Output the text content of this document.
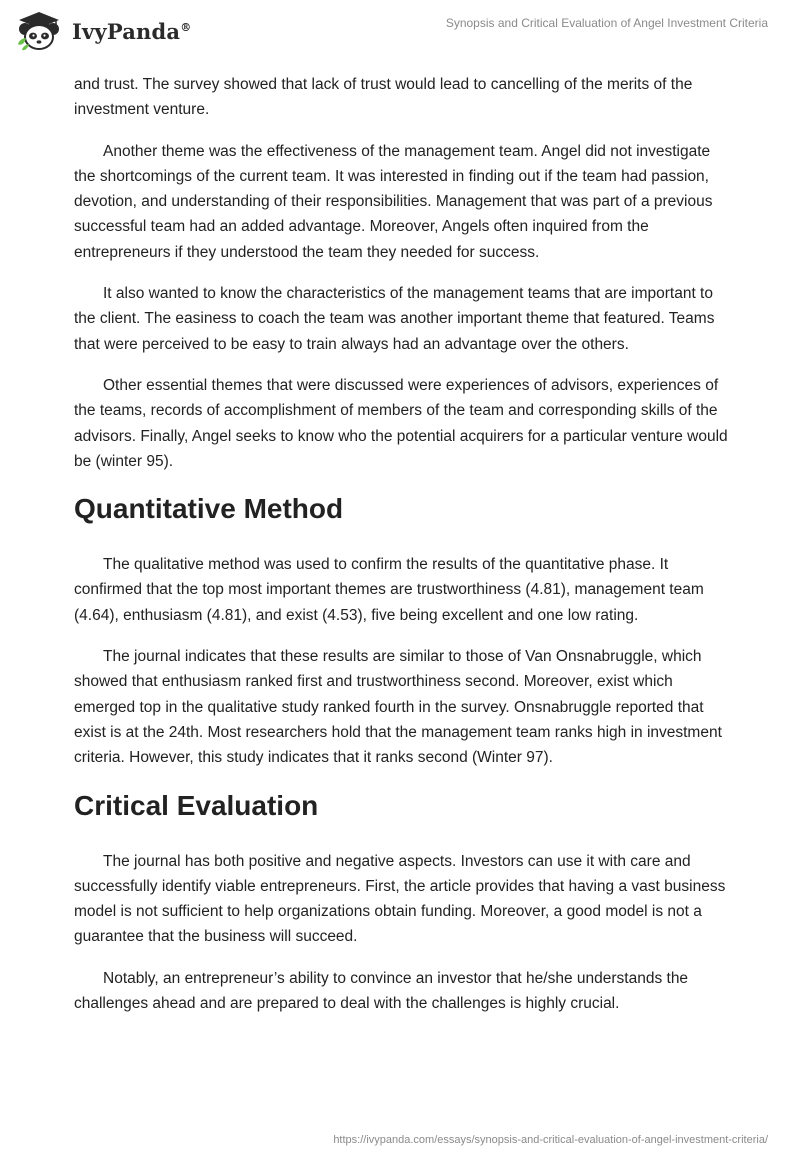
IvyPanda®	Synopsis and Critical Evaluation of Angel Investment Criteria

and trust. The survey showed that lack of trust would lead to cancelling of the merits of the investment venture.

Another theme was the effectiveness of the management team. Angel did not investigate the shortcomings of the current team. It was interested in finding out if the team had passion, devotion, and understanding of their responsibilities. Management that was part of a previous successful team had an added advantage. Moreover, Angels often inquired from the entrepreneurs if they understood the team they needed for success.

It also wanted to know the characteristics of the management teams that are important to the client. The easiness to coach the team was another important theme that featured. Teams that were perceived to be easy to train always had an advantage over the others.

Other essential themes that were discussed were experiences of advisors, experiences of the teams, records of accomplishment of members of the team and corresponding skills of the advisors. Finally, Angel seeks to know who the potential acquirers for a particular venture would be (winter 95).

Quantitative Method

The qualitative method was used to confirm the results of the quantitative phase. It confirmed that the top most important themes are trustworthiness (4.81), management team (4.64), enthusiasm (4.81), and exist (4.53), five being excellent and one low rating.

The journal indicates that these results are similar to those of Van Onsnabruggle, which showed that enthusiasm ranked first and trustworthiness second. Moreover, exist which emerged top in the qualitative study ranked fourth in the survey. Onsnabruggle reported that exist is at the 24th. Most researchers hold that the management team ranks high in investment criteria. However, this study indicates that it ranks second (Winter 97).

Critical Evaluation

The journal has both positive and negative aspects. Investors can use it with care and successfully identify viable entrepreneurs. First, the article provides that having a vast business model is not sufficient to help organizations obtain funding. Moreover, a good model is not a guarantee that the business will succeed.

Notably, an entrepreneur’s ability to convince an investor that he/she understands the challenges ahead and are prepared to deal with the challenges is highly crucial.

https://ivypanda.com/essays/synopsis-and-critical-evaluation-of-angel-investment-criteria/
